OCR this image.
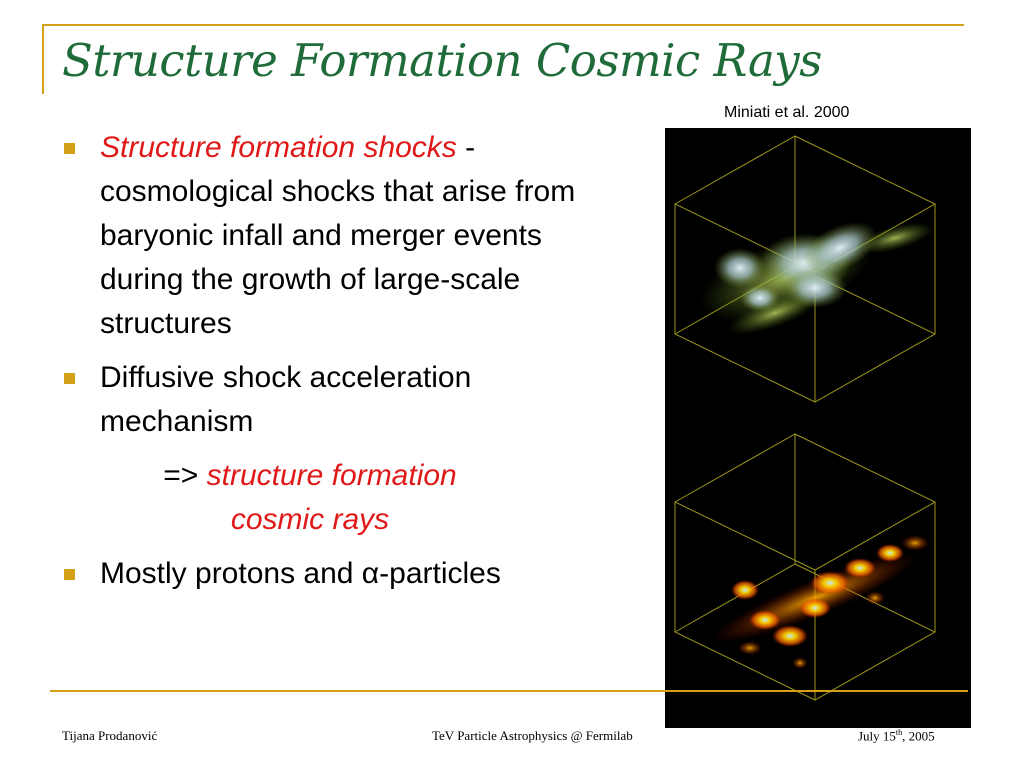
Structure Formation Cosmic Rays
Miniati et al. 2000
Structure formation shocks - cosmological shocks that arise from baryonic infall and merger events during the growth of large-scale structures
Diffusive shock acceleration mechanism
=> structure formation
cosmic rays
Mostly protons and α-particles
Tijana Prodanović	TeV Particle Astrophysics @ Fermilab	July 15th, 2005
